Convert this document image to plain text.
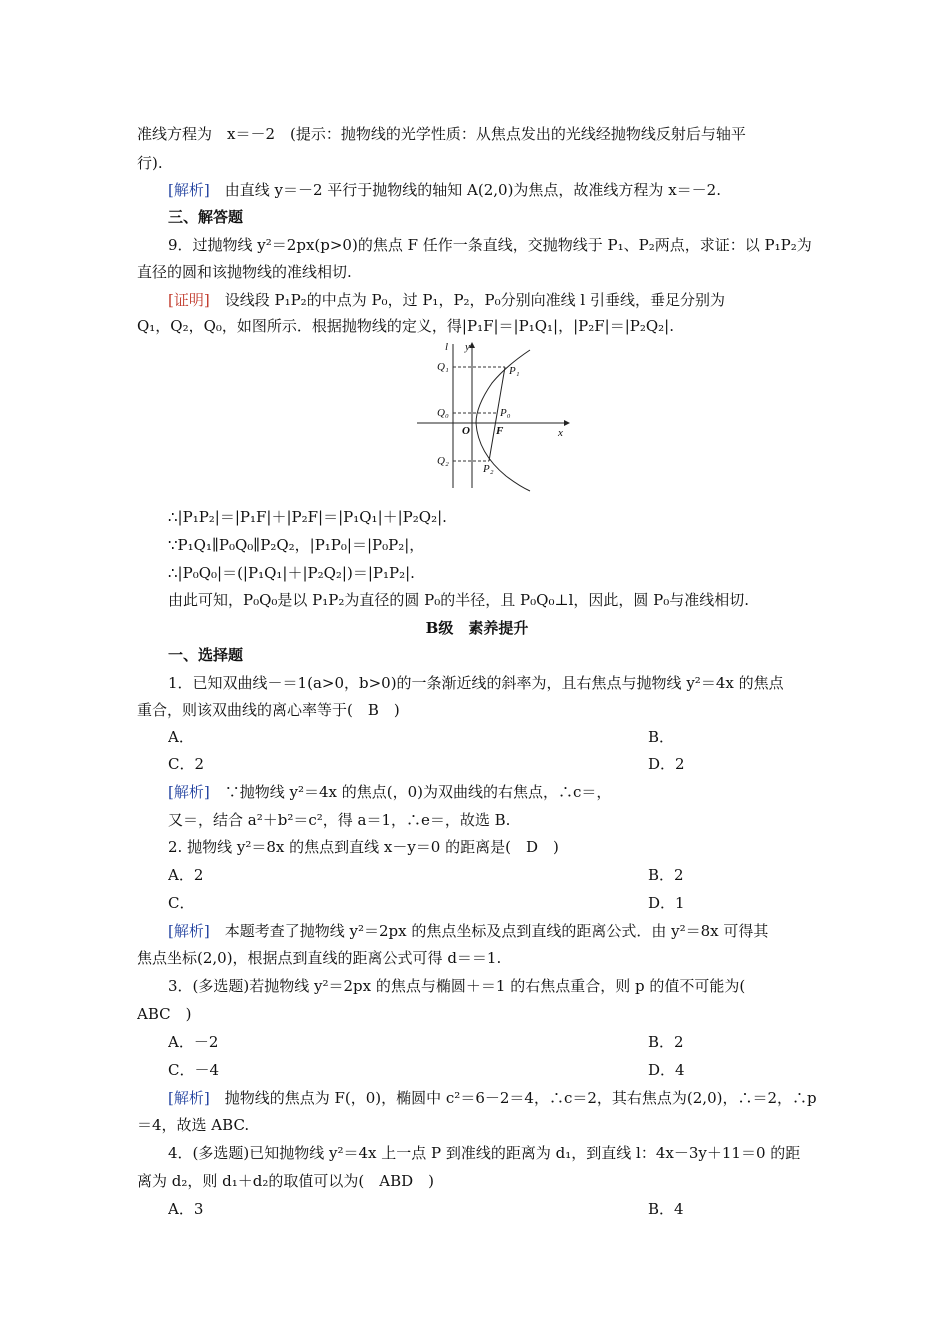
准线方程为　x＝－2　(提示：抛物线的光学性质：从焦点发出的光线经抛物线反射后与轴平
行).
[解析]　由直线 y＝－2 平行于抛物线的轴知 A(2,0)为焦点，故准线方程为 x＝－2.
三、解答题
9．过抛物线 y²＝2px(p>0)的焦点 F 任作一条直线，交抛物线于 P₁、P₂两点，求证：以 P₁P₂为
直径的圆和该抛物线的准线相切.
[证明]　设线段 P₁P₂的中点为 P₀，过 P₁，P₂，P₀分别向准线 l 引垂线，垂足分别为
Q₁，Q₂，Q₀，如图所示．根据抛物线的定义，得|P₁F|＝|P₁Q₁|，|P₂F|＝|P₂Q₂|.
l y
x
O F
Q₁
Q₀
Q₂
P₁
P₀
P₂
∴|P₁P₂|＝|P₁F|＋|P₂F|＝|P₁Q₁|＋|P₂Q₂|.
∵P₁Q₁∥P₀Q₀∥P₂Q₂，|P₁P₀|＝|P₀P₂|，
∴|P₀Q₀|＝(|P₁Q₁|＋|P₂Q₂|)＝|P₁P₂|.
由此可知，P₀Q₀是以 P₁P₂为直径的圆 P₀的半径，且 P₀Q₀⊥l，因此，圆 P₀与准线相切.
B级　素养提升
一、选择题
1．已知双曲线－＝1(a>0，b>0)的一条渐近线的斜率为，且右焦点与抛物线 y²＝4x 的焦点
重合，则该双曲线的离心率等于(　B　)
A．	B．
C．2	D．2
[解析]　∵抛物线 y²＝4x 的焦点(，0)为双曲线的右焦点，∴c＝，
又＝，结合 a²＋b²＝c²，得 a＝1，∴e＝，故选 B.
2. 抛物线 y²＝8x 的焦点到直线 x－y＝0 的距离是(　D　)
A．2	B．2
C．	D．1
[解析]　本题考查了抛物线 y²＝2px 的焦点坐标及点到直线的距离公式．由 y²＝8x 可得其
焦点坐标(2,0)，根据点到直线的距离公式可得 d＝＝1.
3．(多选题)若抛物线 y²＝2px 的焦点与椭圆＋＝1 的右焦点重合，则 p 的值不可能为(
ABC　)
A．－2	B．2
C．－4	D．4
[解析]　抛物线的焦点为 F(，0)，椭圆中 c²＝6－2＝4，∴c＝2，其右焦点为(2,0)，∴＝2，∴p
＝4，故选 ABC.
4．(多选题)已知抛物线 y²＝4x 上一点 P 到准线的距离为 d₁，到直线 l：4x－3y＋11＝0 的距
离为 d₂，则 d₁＋d₂的取值可以为(　ABD　)
A．3	B．4
